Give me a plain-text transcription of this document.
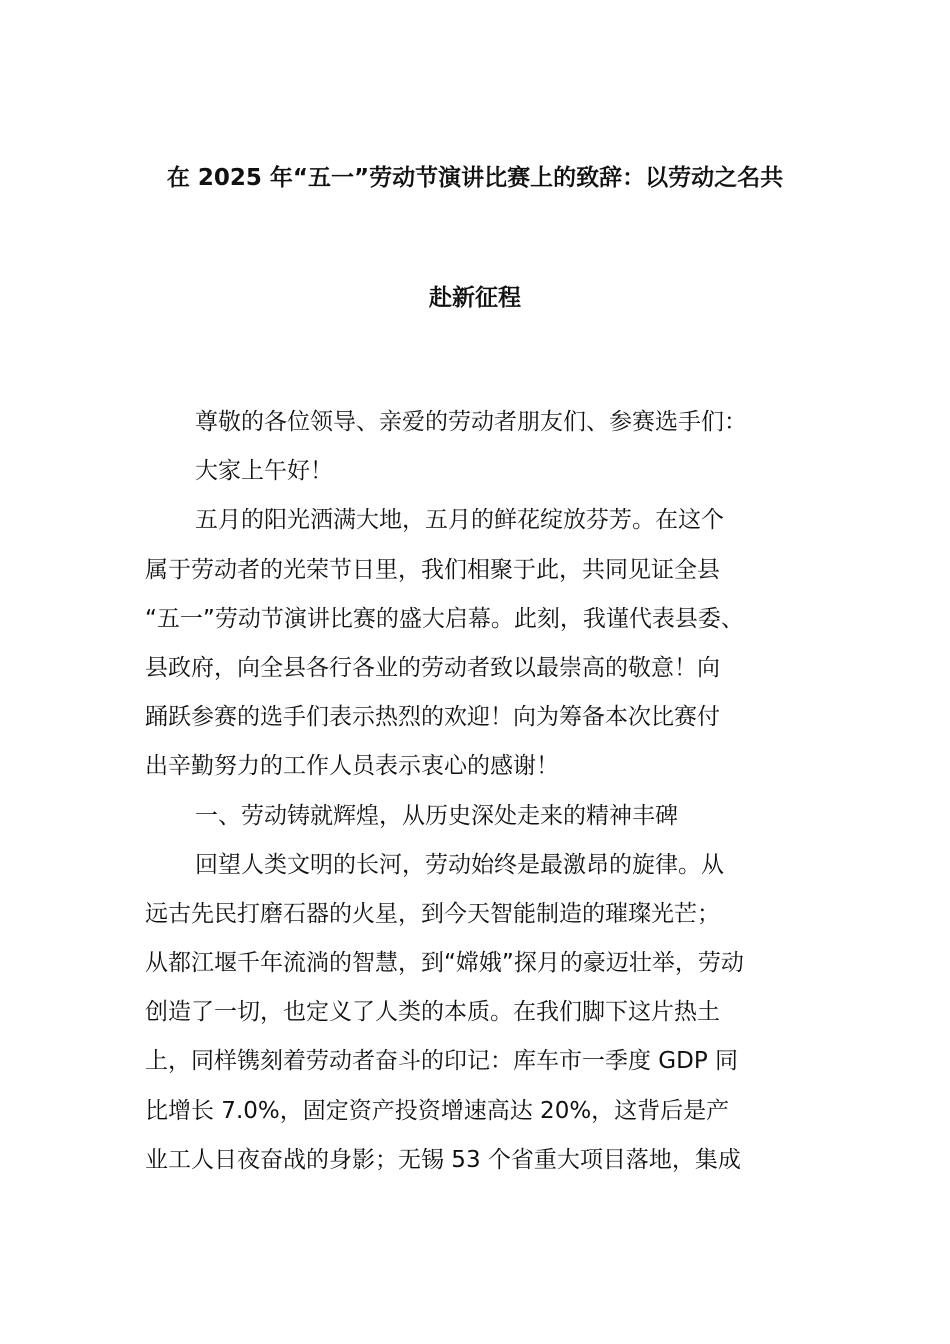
在 2025 年“五一”劳动节演讲比赛上的致辞：以劳动之名共
赴新征程
尊敬的各位领导、亲爱的劳动者朋友们、参赛选手们：
大家上午好！
五月的阳光洒满大地，五月的鲜花绽放芬芳。在这个
属于劳动者的光荣节日里，我们相聚于此，共同见证全县
“五一”劳动节演讲比赛的盛大启幕。此刻，我谨代表县委、
县政府，向全县各行各业的劳动者致以最崇高的敬意！向
踊跃参赛的选手们表示热烈的欢迎！向为筹备本次比赛付
出辛勤努力的工作人员表示衷心的感谢！
一、劳动铸就辉煌，从历史深处走来的精神丰碑
回望人类文明的长河，劳动始终是最激昂的旋律。从
远古先民打磨石器的火星，到今天智能制造的璀璨光芒；
从都江堰千年流淌的智慧，到“嫦娥”探月的豪迈壮举，劳动
创造了一切，也定义了人类的本质。在我们脚下这片热土
上，同样镌刻着劳动者奋斗的印记：库车市一季度 GDP 同
比增长 7.0%，固定资产投资增速高达 20%，这背后是产
业工人日夜奋战的身影；无锡 53 个省重大项目落地，集成
